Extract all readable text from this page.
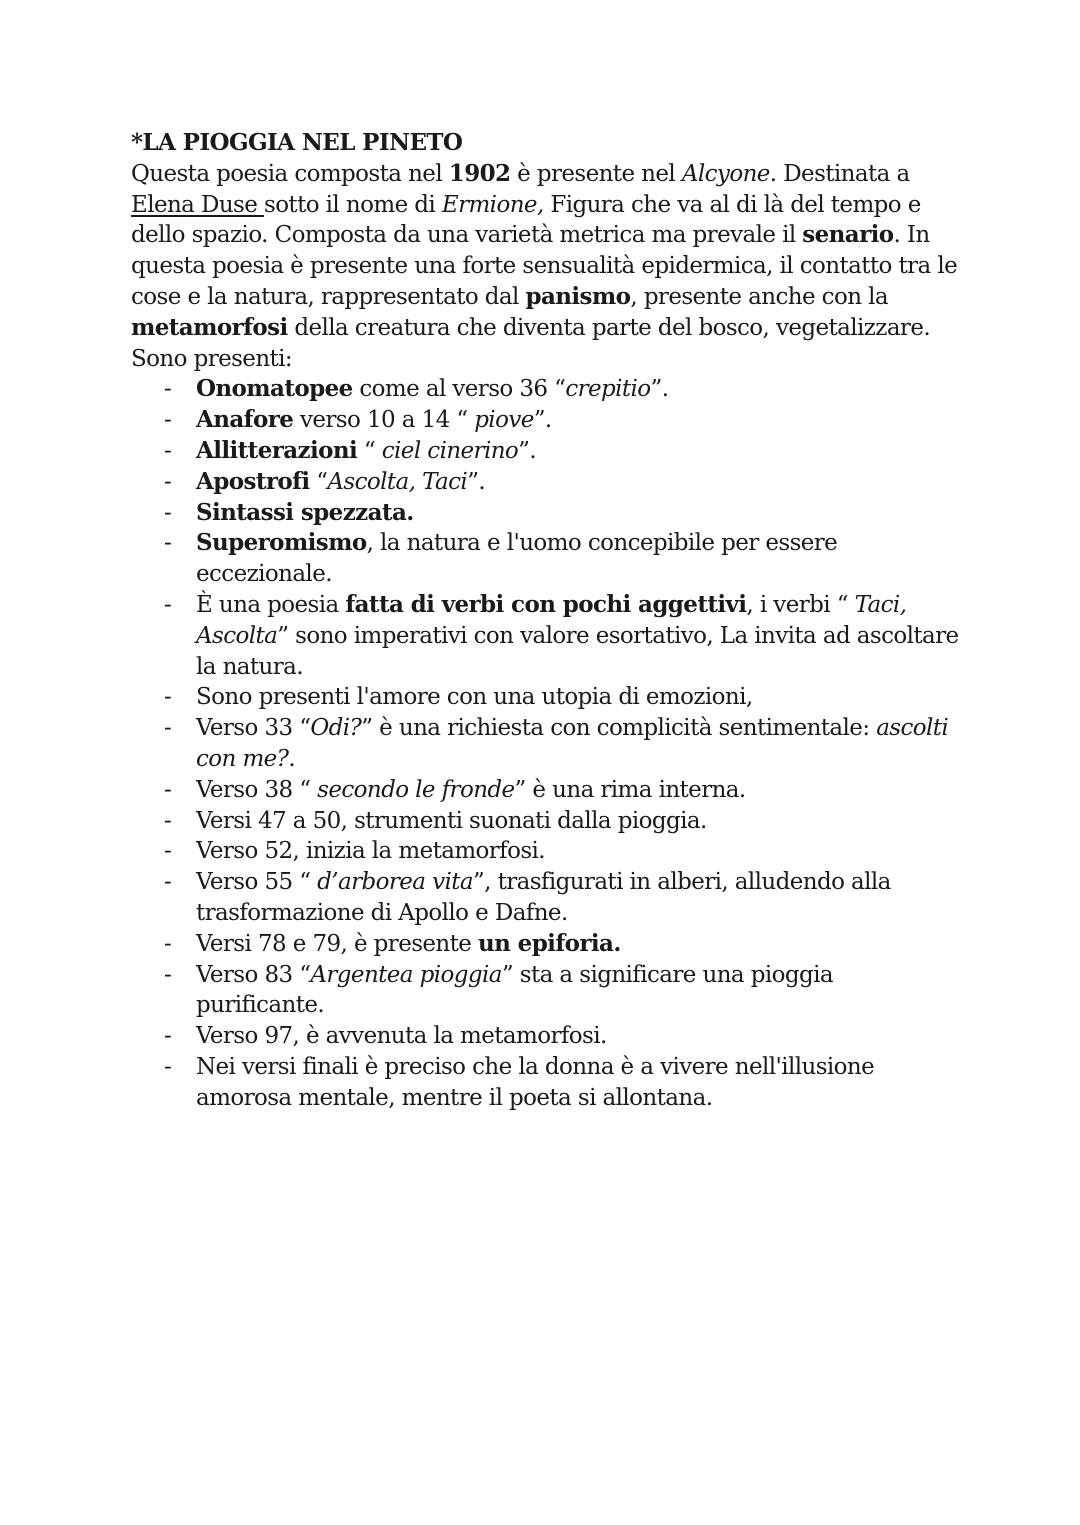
*LA PIOGGIA NEL PINETO

Questa poesia composta nel 1902 è presente nel Alcyone. Destinata a Elena Duse sotto il nome di Ermione, Figura che va al di là del tempo e dello spazio. Composta da una varietà metrica ma prevale il senario. In questa poesia è presente una forte sensualità epidermica, il contatto tra le cose e la natura, rappresentato dal panismo, presente anche con la metamorfosi della creatura che diventa parte del bosco, vegetalizzare.

Sono presenti:
- Onomatopee come al verso 36 “crepitio”.
- Anafore verso 10 a 14 “ piove”.
- Allitterazioni “ ciel cinerino”.
- Apostrofi “Ascolta, Taci”.
- Sintassi spezzata.
- Superomismo, la natura e l'uomo concepibile per essere eccezionale.
- È una poesia fatta di verbi con pochi aggettivi, i verbi “ Taci, Ascolta” sono imperativi con valore esortativo, La invita ad ascoltare la natura.
- Sono presenti l'amore con una utopia di emozioni,
- Verso 33 “Odi?” è una richiesta con complicità sentimentale: ascolti con me?.
- Verso 38 “ secondo le fronde” è una rima interna.
- Versi 47 a 50, strumenti suonati dalla pioggia.
- Verso 52, inizia la metamorfosi.
- Verso 55 “ d’arborea vita”, trasfigurati in alberi, alludendo alla trasformazione di Apollo e Dafne.
- Versi 78 e 79, è presente un epiforia.
- Verso 83 “Argentea pioggia” sta a significare una pioggia purificante.
- Verso 97, è avvenuta la metamorfosi.
- Nei versi finali è preciso che la donna è a vivere nell'illusione amorosa mentale, mentre il poeta si allontana.
